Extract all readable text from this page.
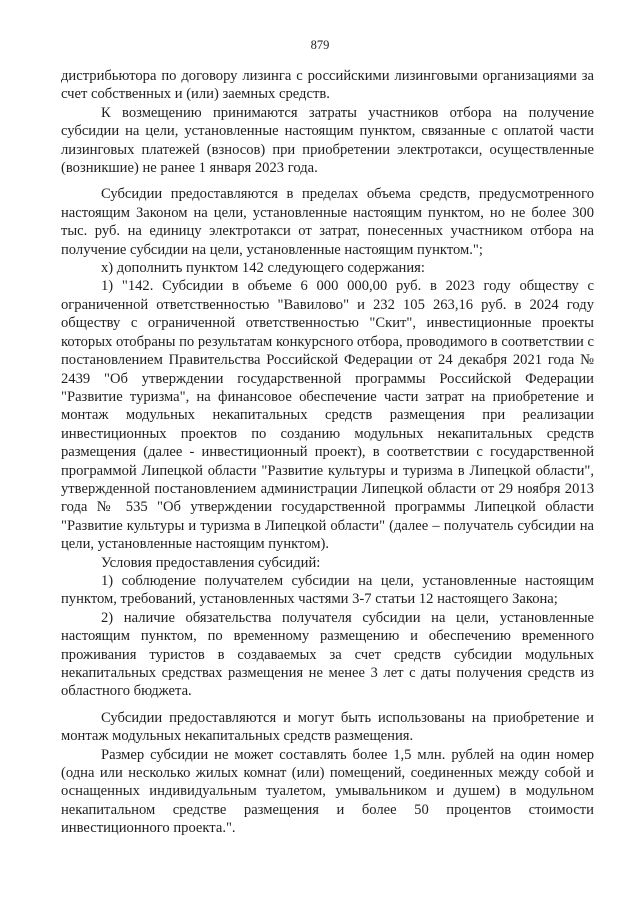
879

дистрибьютора по договору лизинга с российскими лизинговыми организациями за счет собственных и (или) заемных средств.

К возмещению принимаются затраты участников отбора на получение субсидии на цели, установленные настоящим пунктом, связанные с оплатой части лизинговых платежей (взносов) при приобретении электротакси, осуществленные (возникшие) не ранее 1 января 2023 года.

Субсидии предоставляются в пределах объема средств, предусмотренного настоящим Законом на цели, установленные настоящим пунктом, но не более 300 тыс. руб. на единицу электротакси от затрат, понесенных участником отбора на получение субсидии на цели, установленные настоящим пунктом.";

х) дополнить пунктом 142 следующего содержания:

1) "142. Субсидии в объеме 6 000 000,00 руб. в 2023 году обществу с ограниченной ответственностью "Вавилово" и 232 105 263,16 руб. в 2024 году обществу с ограниченной ответственностью "Скит", инвестиционные проекты которых отобраны по результатам конкурсного отбора, проводимого в соответствии с постановлением Правительства Российской Федерации от 24 декабря 2021 года № 2439 "Об утверждении государственной программы Российской Федерации "Развитие туризма", на финансовое обеспечение части затрат на приобретение и монтаж модульных некапитальных средств размещения при реализации инвестиционных проектов по созданию модульных некапитальных средств размещения (далее - инвестиционный проект), в соответствии с государственной программой Липецкой области "Развитие культуры и туризма в Липецкой области", утвержденной постановлением администрации Липецкой области от 29 ноября 2013 года № 535 "Об утверждении государственной программы Липецкой области "Развитие культуры и туризма в Липецкой области" (далее – получатель субсидии на цели, установленные настоящим пунктом).

Условия предоставления субсидий:

1) соблюдение получателем субсидии на цели, установленные настоящим пунктом, требований, установленных частями 3-7 статьи 12 настоящего Закона;

2) наличие обязательства получателя субсидии на цели, установленные настоящим пунктом, по временному размещению и обеспечению временного проживания туристов в создаваемых за счет средств субсидии модульных некапитальных средствах размещения не менее 3 лет с даты получения средств из областного бюджета.

Субсидии предоставляются и могут быть использованы на приобретение и монтаж модульных некапитальных средств размещения.

Размер субсидии не может составлять более 1,5 млн. рублей на один номер (одна или несколько жилых комнат (или) помещений, соединенных между собой и оснащенных индивидуальным туалетом, умывальником и душем) в модульном некапитальном средстве размещения и более 50 процентов стоимости инвестиционного проекта.".
